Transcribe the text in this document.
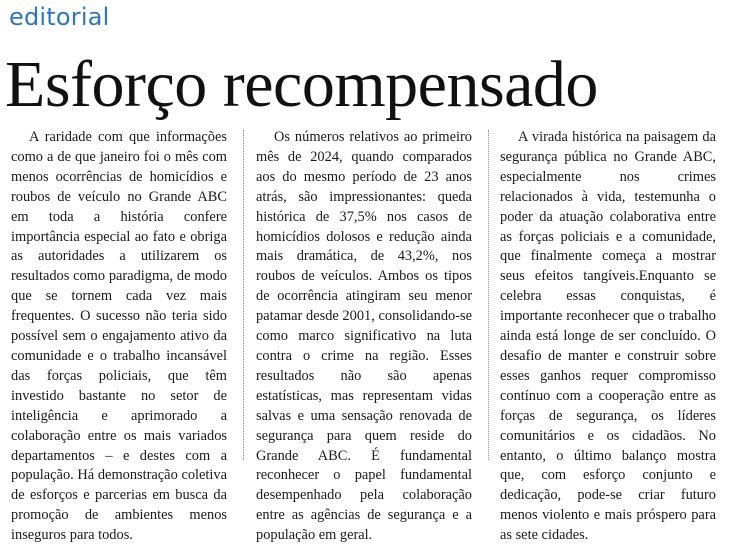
editorial
Esforço recompensado

A raridade com que informações como a de que janeiro foi o mês com menos ocorrências de homicídios e roubos de veículo no Grande ABC em toda a história confere importância especial ao fato e obriga as autoridades a utilizarem os resultados como paradigma, de modo que se tornem cada vez mais frequentes. O sucesso não teria sido possível sem o engajamento ativo da comunidade e o trabalho incansável das forças policiais, que têm investido bastante no setor de inteligência e aprimorado a colaboração entre os mais variados departamentos – e destes com a população. Há demonstração coletiva de esforços e parcerias em busca da promoção de ambientes menos inseguros para todos.

Os números relativos ao primeiro mês de 2024, quando comparados aos do mesmo período de 23 anos atrás, são impressionantes: queda histórica de 37,5% nos casos de homicídios dolosos e redução ainda mais dramática, de 43,2%, nos roubos de veículos. Ambos os tipos de ocorrência atingiram seu menor patamar desde 2001, consolidando-se como marco significativo na luta contra o crime na região. Esses resultados não são apenas estatísticas, mas representam vidas salvas e uma sensação renovada de segurança para quem reside do Grande ABC. É fundamental reconhecer o papel fundamental desempenhado pela colaboração entre as agências de segurança e a população em geral.

A virada histórica na paisagem da segurança pública no Grande ABC, especialmente nos crimes relacionados à vida, testemunha o poder da atuação colaborativa entre as forças policiais e a comunidade, que finalmente começa a mostrar seus efeitos tangíveis.Enquanto se celebra essas conquistas, é importante reconhecer que o trabalho ainda está longe de ser concluído. O desafio de manter e construir sobre esses ganhos requer compromisso contínuo com a cooperação entre as forças de segurança, os líderes comunitários e os cidadãos. No entanto, o último balanço mostra que, com esforço conjunto e dedicação, pode-se criar futuro menos violento e mais próspero para as sete cidades.
